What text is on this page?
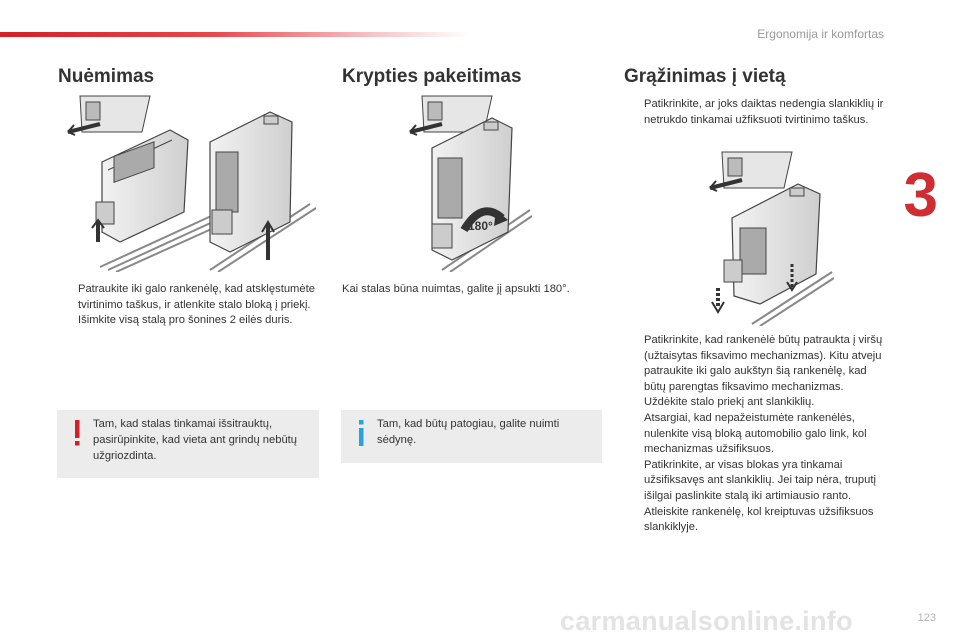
Ergonomija ir komfortas
3
123
Nuėmimas
Patraukite iki galo rankenėlę, kad atsklęstumėte tvirtinimo taškus, ir atlenkite stalo bloką į priekį.
Išimkite visą stalą pro šonines 2 eilės duris.
Tam, kad stalas tinkamai išsitrauktų, pasirūpinkite, kad vieta ant grindų nebūtų užgriozdinta.
Krypties pakeitimas
180°
Kai stalas būna nuimtas, galite jį apsukti 180°.
Tam, kad būtų patogiau, galite nuimti sėdynę.
Grąžinimas į vietą
Patikrinkite, ar joks daiktas nedengia slankiklių ir netrukdo tinkamai užfiksuoti tvirtinimo taškus.
Patikrinkite, kad rankenėlė būtų patraukta į viršų (užtaisytas fiksavimo mechanizmas). Kitu atveju patraukite iki galo aukštyn šią rankenėlę, kad būtų parengtas fiksavimo mechanizmas.
Uždėkite stalo priekį ant slankiklių.
Atsargiai, kad nepažeistumėte rankenėlės, nulenkite visą bloką automobilio galo link, kol mechanizmas užsifiksuos.
Patikrinkite, ar visas blokas yra tinkamai užsifiksavęs ant slankiklių. Jei taip nėra, truputį išilgai paslinkite stalą iki artimiausio ranto.
Atleiskite rankenėlę, kol kreiptuvas užsifiksuos slankiklyje.
carmanualsonline.info
